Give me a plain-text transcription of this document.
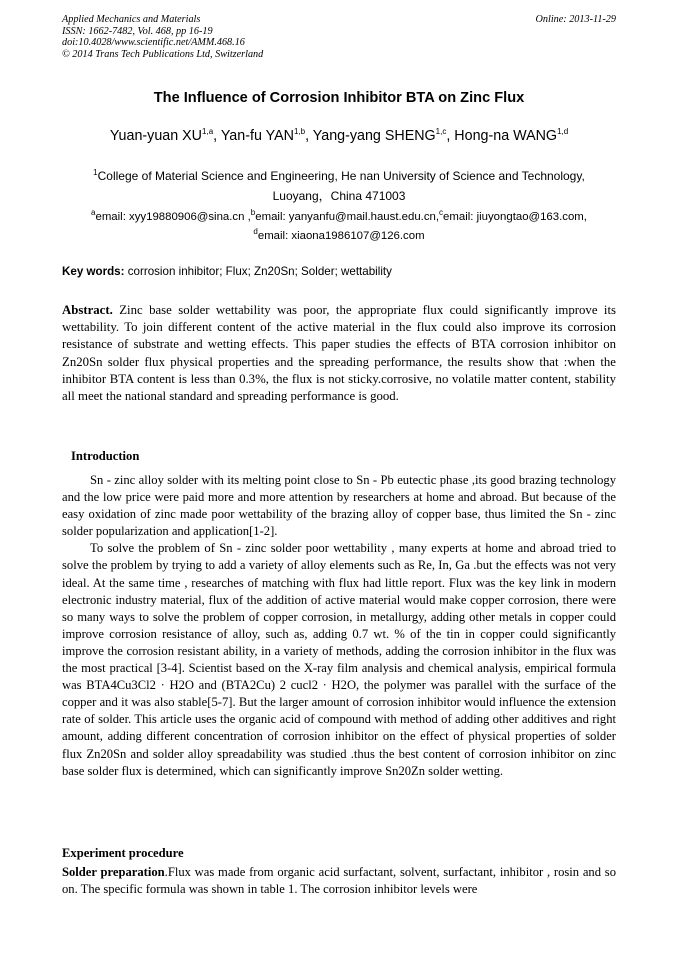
Applied Mechanics and Materials
ISSN: 1662-7482, Vol. 468, pp 16-19
doi:10.4028/www.scientific.net/AMM.468.16
© 2014 Trans Tech Publications Ltd, Switzerland
Online: 2013-11-29
The Influence of Corrosion Inhibitor BTA on Zinc Flux
Yuan-yuan XU$^{1,a}$, Yan-fu YAN$^{1,b}$, Yang-yang SHENG$^{1,c}$, Hong-na WANG$^{1,d}$
$^1$College of Material Science and Engineering, He nan University of Science and Technology,
Luoyang，China 471003
$^a$email: xyy19880906@sina.cn ,$^b$email: yanyanfu@mail.haust.edu.cn,$^c$email: jiuyongtao@163.com,
$^d$email: xiaona1986107@126.com
Key words: corrosion inhibitor; Flux; Zn20Sn; Solder; wettability
Abstract. Zinc base solder wettability was poor, the appropriate flux could significantly improve its wettability. To join different content of the active material in the flux could also improve its corrosion resistance of substrate and wetting effects. This paper studies the effects of BTA corrosion inhibitor on Zn20Sn solder flux physical properties and the spreading performance, the results show that :when the inhibitor BTA content is less than 0.3%, the flux is not sticky.corrosive, no volatile matter content, stability all meet the national standard and spreading performance is good.
Introduction

Sn - zinc alloy solder with its melting point close to Sn - Pb eutectic phase ,its good brazing technology and the low price were paid more and more attention by researchers at home and abroad. But because of the easy oxidation of zinc made poor wettability of the brazing alloy of copper base, thus limited the Sn - zinc solder popularization and application[1-2].

To solve the problem of Sn - zinc solder poor wettability , many experts at home and abroad tried to solve the problem by trying to add a variety of alloy elements such as Re, In, Ga .but the effects was not very ideal. At the same time , researches of matching with flux had little report. Flux was the key link in modern electronic industry material, flux of the addition of active material would make copper corrosion, there were so many ways to solve the problem of copper corrosion, in metallurgy, adding other metals in copper could improve corrosion resistance of alloy, such as, adding 0.7 wt. % of the tin in copper could significantly improve the corrosion resistant ability, in a variety of methods, adding the corrosion inhibitor in the flux was the most practical [3-4]. Scientist based on the X-ray film analysis and chemical analysis, empirical formula was BTA4Cu3Cl2 · H2O and (BTA2Cu) 2 cucl2 · H2O, the polymer was parallel with the surface of the copper and it was also stable[5-7]. But the larger amount of corrosion inhibitor would influence the extension rate of solder. This article uses the organic acid of compound with method of adding other additives and right amount, adding different concentration of corrosion inhibitor on the effect of physical properties of solder flux Zn20Sn and solder alloy spreadability was studied .thus the best content of corrosion inhibitor on zinc base solder flux is determined, which can significantly improve Sn20Zn solder wetting.

Experiment procedure
Solder preparation.Flux was made from organic acid surfactant, solvent, surfactant, inhibitor , rosin and so on. The specific formula was shown in table 1. The corrosion inhibitor levels were
